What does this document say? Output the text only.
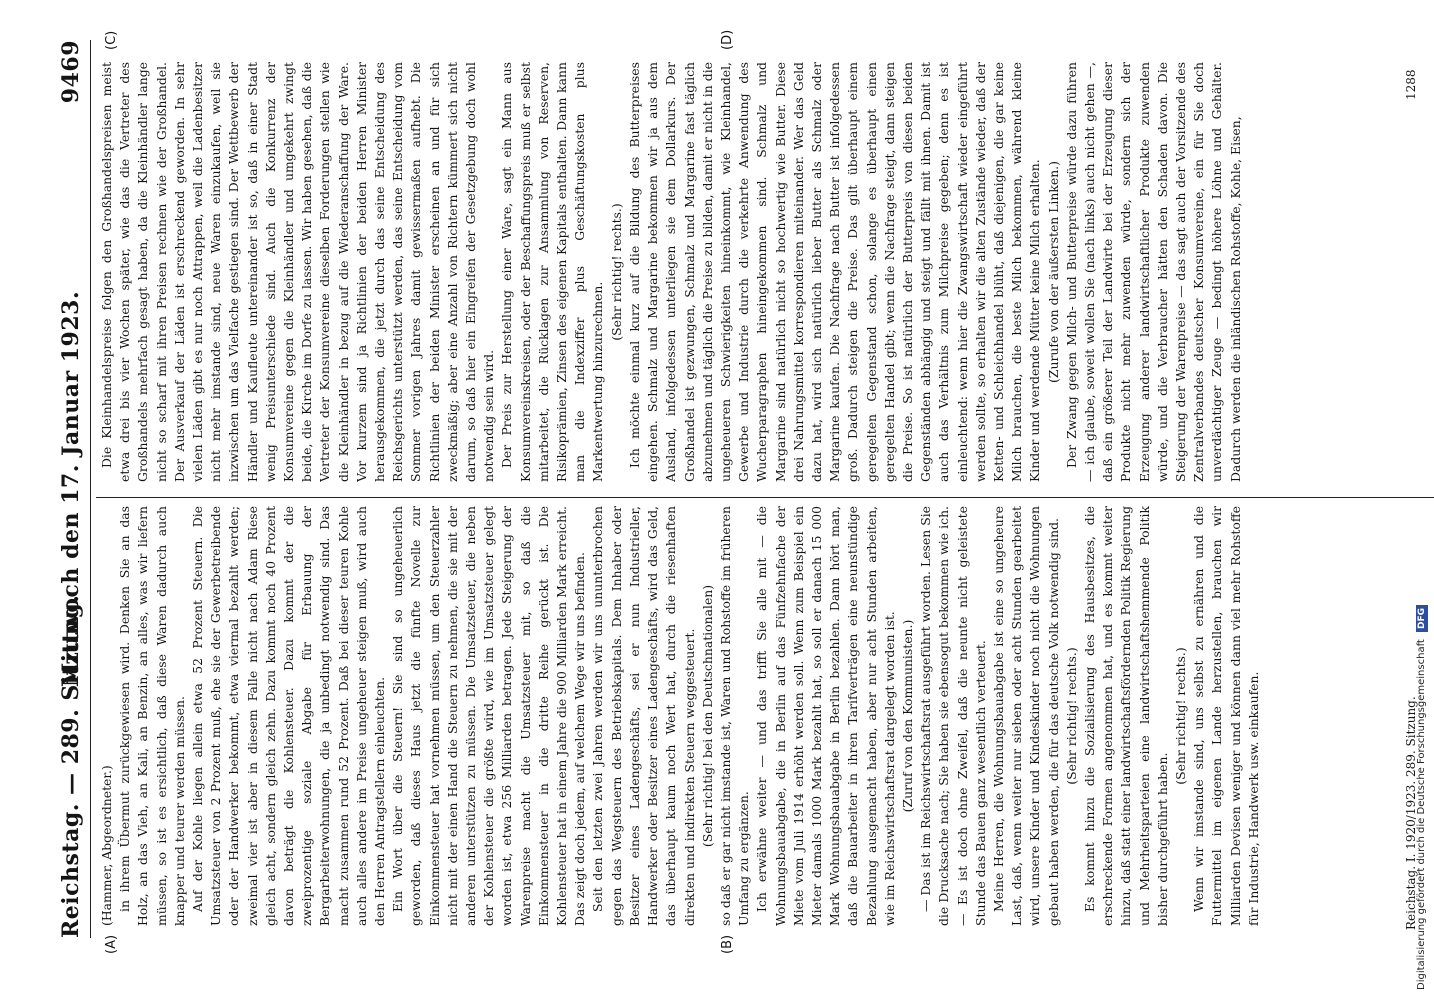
Reichstag. — 289. Sitzung.
Mittwoch den 17. Januar 1923.
9469
(A)	(B)
(C)	(D)

(Hammer, Abgeordneter.) in ihrem Übermut zurückgewiesen wird. Denken Sie an das Holz, an das Vieh, an Kali, an Benzin, an alles, was wir liefern müssen, so ist es ersichtlich, daß diese Waren dadurch auch knapper und teurer werden müssen. Auf der Kohle liegen allein etwa 52 Prozent Steuern. Die Umsatzsteuer von 2 Prozent muß, ehe sie der Gewerbetreibende oder der Handwerker bekommt, etwa viermal bezahlt werden; zweimal vier ist aber in diesem Falle nicht nach Adam Riese gleich acht, sondern gleich zehn. Dazu kommt noch 40 Prozent davon beträgt die Kohlensteuer. Dazu kommt der die zweiprozentige soziale Abgabe für Erbauung der Bergarbeiterwohnungen, die ja unbedingt notwendig sind. Das macht zusammen rund 52 Prozent. Daß bei dieser teuren Kohle auch alles andere im Preise ungeheuer steigen muß, wird auch den Herren Antragstellern einleuchten. Ein Wort über die Steuern! Sie sind so ungeheuerlich geworden, daß dieses Haus jetzt die fünfte Novelle zur Einkommensteuer hat vornehmen müssen, um den Steuerzahler nicht mit der einen Hand die Steuern zu nehmen, die sie mit der anderen unterstützen zu müssen. Die Umsatzsteuer, die neben der Kohlensteuer die größte wird, wie im Umsatzsteuer gelegt worden ist, etwa 256 Milliarden betragen. Jede Steigerung der Warenpreise macht die Umsatzsteuer mit, so daß die Einkommensteuer in die dritte Reihe gerückt ist. Die Kohlensteuer hat in einem Jahre die 900 Milliarden Mark erreicht. Das zeigt doch jedem, auf welchem Wege wir uns befinden. Seit den letzten zwei Jahren werden wir uns ununterbrochen gegen das Wegsteuern des Betriebskapitals. Dem Inhaber oder Besitzer eines Ladengeschäfts, sei er nun Industrieller, Handwerker oder Besitzer eines Ladengeschäfts, wird das Geld, das überhaupt kaum noch Wert hat, durch die riesenhaften direkten und indirekten Steuern weggesteuert. (Sehr richtig! bei den Deutschnationalen) so daß er gar nicht imstande ist, Waren und Rohstoffe im früheren Umfang zu ergänzen. Ich erwähne weiter — und das trifft Sie alle mit — die Wohnungsbauabgabe, die in Berlin auf das Fünfzehnfache der Miete vom Juli 1914 erhöht werden soll. Wenn zum Beispiel ein Mieter damals 1000 Mark bezahlt hat, so soll er danach 15 000 Mark Wohnungsbauabgabe in Berlin bezahlen. Dann hört man, daß die Bauarbeiter in ihren Tarifverträgen eine neunstündige Bezahlung ausgemacht haben, aber nur acht Stunden arbeiten, wie im Reichswirtschaftsrat dargelegt worden ist. (Zuruf von den Kommunisten.) — Das ist im Reichswirtschaftsrat ausgeführt worden. Lesen Sie die Drucksache nach; Sie haben sie ebensogut bekommen wie ich. — Es ist doch ohne Zweifel, daß die neunte nicht geleistete Stunde das Bauen ganz wesentlich verteuert. Meine Herren, die Wohnungsbauabgabe ist eine so ungeheure Last, daß, wenn weiter nur sieben oder acht Stunden gearbeitet wird, unsere Kinder und Kindeskinder noch nicht die Wohnungen gebaut haben werden, die für das deutsche Volk notwendig sind. (Sehr richtig! rechts.) Es kommt hinzu die Sozialisierung des Hausbesitzes, die erschreckende Formen angenommen hat, und es kommt weiter hinzu, daß statt einer landwirtschaftsfördernden Politik Regierung und Mehrheitsparteien eine landwirtschaftshemmende Politik bisher durchgeführt haben.

(Sehr richtig! rechts.) Wenn wir imstande sind, uns selbst zu ernähren und die Futtermittel im eigenen Lande herzustellen, brauchen wir Milliarden Devisen weniger und können dann viel mehr Rohstoffe für Industrie, Handwerk usw. einkaufen.

Die Kleinhandelspreise folgen den Großhandelspreisen meist etwa drei bis vier Wochen später, wie das die Vertreter des Großhandels mehrfach gesagt haben, da die Kleinhändler lange nicht so scharf mit ihren Preisen rechnen wie der Großhandel. Der Ausverkauf der Läden ist erschreckend geworden. In sehr vielen Läden gibt es nur noch Attrappen, weil die Ladenbesitzer nicht mehr imstande sind, neue Waren einzukaufen, weil sie inzwischen um das Vielfache gestiegen sind. Der Wettbewerb der Händler und Kaufleute untereinander ist so, daß in einer Stadt wenig Preisunterschiede sind. Auch die Konkurrenz der Konsumvereine gegen die Kleinhändler und umgekehrt zwingt beide, die Kirche im Dorfe zu lassen. Wir haben gesehen, daß die Vertreter der Konsumvereine dieselben Forderungen stellen wie die Kleinhändler in bezug auf die Wiederanschaffung der Ware. Vor kurzem sind ja Richtlinien der beiden Herren Minister herausgekommen, die jetzt durch das seine Entscheidung des Reichsgerichts unterstützt werden, das seine Entscheidung vom Sommer vorigen Jahres damit gewissermaßen aufhebt. Die Richtlinien der beiden Minister erscheinen an und für sich zweckmäßig; aber eine Anzahl von Richtern kümmert sich nicht darum, so daß hier ein Eingreifen der Gesetzgebung doch wohl notwendig sein wird. Der Preis zur Herstellung einer Ware, sagt ein Mann aus Konsumvereinskreisen, oder der Beschaffungspreis muß er selbst mitarbeitet, die Rücklagen zur Ansammlung von Reserven, Risikoprämien, Zinsen des eigenen Kapitals enthalten. Dann kann man die Indexziffer plus Geschäftungskosten plus Markentwertung hinzurechnen.

(Sehr richtig! rechts.) Ich möchte einmal kurz auf die Bildung des Butterpreises eingehen. Schmalz und Margarine bekommen wir ja aus dem Ausland, infolgedessen unterliegen sie dem Dollarkurs. Der Großhandel ist gezwungen, Schmalz und Margarine fast täglich abzunehmen und täglich die Preise zu bilden, damit er nicht in die ungeheueren Schwierigkeiten hineinkommt, wie Kleinhandel, Gewerbe und Industrie durch die verkehrte Anwendung des Wucherparagraphen hineingekommen sind. Schmalz und Margarine sind natürlich nicht so hochwertig wie Butter. Diese drei Nahrungsmittel korrespondieren miteinander. Wer das Geld dazu hat, wird sich natürlich lieber Butter als Schmalz oder Margarine kaufen. Die Nachfrage nach Butter ist infolgedessen groß. Dadurch steigen die Preise. Das gilt überhaupt einem geregelten Gegenstand schon, solange es überhaupt einen geregelten Handel gibt; wenn die Nachfrage steigt, dann steigen die Preise. So ist natürlich der Butterpreis von diesen beiden Gegenständen abhängig und steigt und fällt mit ihnen. Damit ist auch das Verhältnis zum Milchpreise gegeben; denn es ist einleuchtend: wenn hier die Zwangswirtschaft wieder eingeführt werden sollte, so erhalten wir die alten Zustände wieder, daß der Ketten- und Schleichhandel blüht, daß diejenigen, die gar keine Milch brauchen, die beste Milch bekommen, während kleine Kinder und werdende Mütter keine Milch erhalten. (Zurufe von der äußersten Linken.) Der Zwang gegen Milch- und Butterpreise würde dazu führen — ich glaube, soweit wollen Sie (nach links) auch nicht gehen —, daß ein größerer Teil der Landwirte bei der Erzeugung dieser Produkte nicht mehr zuwenden würde, sondern sich der Erzeugung anderer landwirtschaftlicher Produkte zuwenden würde, und die Verbraucher hätten den Schaden davon. Die Steigerung der Warenpreise — das sagt auch der Vorsitzende des Zentralverbandes deutscher Konsumvereine, ein für Sie doch unverdächtiger Zeuge — bedingt höhere Löhne und Gehälter. Dadurch werden die inländischen Rohstoffe, Kohle, Eisen,

Reichstag. I. 1920/1923. 289. Sitzung.
1288
Digitalisierung gefördert durch die Deutsche Forschungsgemeinschaft DFG
